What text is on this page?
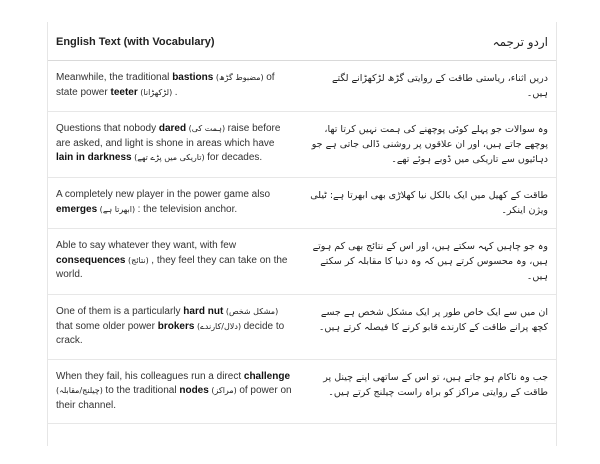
English Text (with Vocabulary)	اردو ترجمہ
Meanwhile, the traditional bastions (مضبوط گڑھ) of state power teeter (لڑکھڑانا) .	دریں اثناء، ریاستی طاقت کے روایتی گڑھ لڑکھڑانے لگتے ہیں۔
Questions that nobody dared (ہمت کی) raise before are asked, and light is shone in areas which have lain in darkness (تاریکی میں پڑے تھے) for decades.	وہ سوالات جو پہلے کوئی پوچھنے کی ہمت نہیں کرتا تھا، پوچھے جاتے ہیں، اور ان علاقوں پر روشنی ڈالی جاتی ہے جو دہائیوں سے تاریکی میں ڈوبے ہوئے تھے۔
A completely new player in the power game also emerges (ابھرتا ہے) : the television anchor.	طاقت کے کھیل میں ایک بالکل نیا کھلاڑی بھی ابھرتا ہے: ٹیلی ویژن اینکر۔
Able to say whatever they want, with few consequences (نتائج) , they feel they can take on the world.	وہ جو چاہیں کہہ سکتے ہیں، اور اس کے نتائج بھی کم ہوتے ہیں، وہ محسوس کرتے ہیں کہ وہ دنیا کا مقابلہ کر سکتے ہیں۔
One of them is a particularly hard nut (مشکل شخص) that some older power brokers (دلال/کارندے) decide to crack.	ان میں سے ایک خاص طور پر ایک مشکل شخص ہے جسے کچھ پرانے طاقت کے کارندے قابو کرنے کا فیصلہ کرتے ہیں۔
When they fail, his colleagues run a direct challenge (چیلنج/مقابلہ) to the traditional nodes (مراکز) of power on their channel.	جب وہ ناکام ہو جاتے ہیں، تو اس کے ساتھی اپنے چینل پر طاقت کے روایتی مراکز کو براہ راست چیلنج کرتے ہیں۔
